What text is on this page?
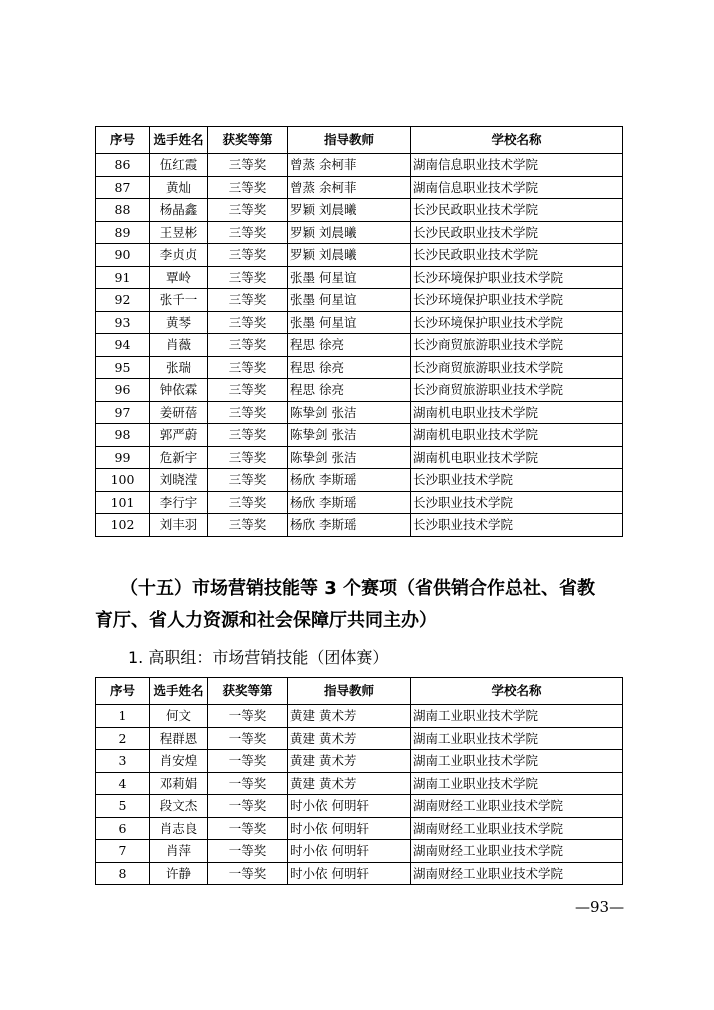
序号	选手姓名	获奖等第	指导教师	学校名称
86	伍红霞	三等奖	曾蒸 余柯菲	湖南信息职业技术学院
87	黄灿	三等奖	曾蒸 余柯菲	湖南信息职业技术学院
88	杨晶鑫	三等奖	罗颖 刘晨曦	长沙民政职业技术学院
89	王昱彬	三等奖	罗颖 刘晨曦	长沙民政职业技术学院
90	李贞贞	三等奖	罗颖 刘晨曦	长沙民政职业技术学院
91	覃岭	三等奖	张墨 何星谊	长沙环境保护职业技术学院
92	张千一	三等奖	张墨 何星谊	长沙环境保护职业技术学院
93	黄琴	三等奖	张墨 何星谊	长沙环境保护职业技术学院
94	肖薇	三等奖	程思 徐亮	长沙商贸旅游职业技术学院
95	张瑞	三等奖	程思 徐亮	长沙商贸旅游职业技术学院
96	钟依霖	三等奖	程思 徐亮	长沙商贸旅游职业技术学院
97	姜研蓓	三等奖	陈挚剑 张洁	湖南机电职业技术学院
98	郭严蔚	三等奖	陈挚剑 张洁	湖南机电职业技术学院
99	危新宇	三等奖	陈挚剑 张洁	湖南机电职业技术学院
100	刘晓滢	三等奖	杨欣 李斯瑶	长沙职业技术学院
101	李行宇	三等奖	杨欣 李斯瑶	长沙职业技术学院
102	刘丰羽	三等奖	杨欣 李斯瑶	长沙职业技术学院
（十五）市场营销技能等 3 个赛项（省供销合作总社、省教
育厅、省人力资源和社会保障厅共同主办）
1. 高职组：市场营销技能（团体赛）
序号	选手姓名	获奖等第	指导教师	学校名称
1	何文	一等奖	黄建 黄术芳	湖南工业职业技术学院
2	程群恩	一等奖	黄建 黄术芳	湖南工业职业技术学院
3	肖安煌	一等奖	黄建 黄术芳	湖南工业职业技术学院
4	邓莉娟	一等奖	黄建 黄术芳	湖南工业职业技术学院
5	段文杰	一等奖	时小依 何明轩	湖南财经工业职业技术学院
6	肖志良	一等奖	时小依 何明轩	湖南财经工业职业技术学院
7	肖萍	一等奖	时小依 何明轩	湖南财经工业职业技术学院
8	许静	一等奖	时小依 何明轩	湖南财经工业职业技术学院
—93—
